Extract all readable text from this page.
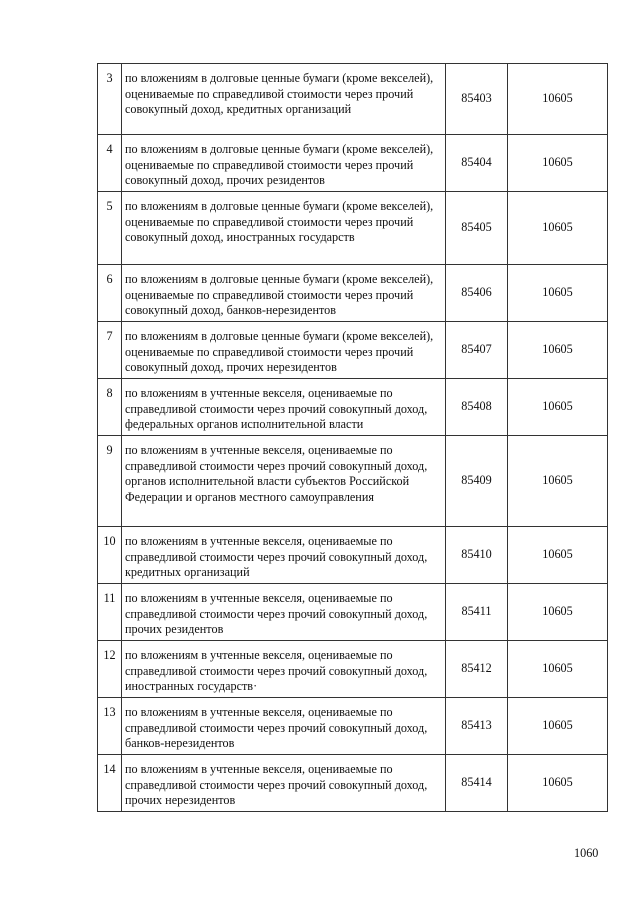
3	по вложениям в долговые ценные бумаги (кроме векселей), оцениваемые по справедливой стоимости через прочий совокупный доход, кредитных организаций	85403	10605
4	по вложениям в долговые ценные бумаги (кроме векселей), оцениваемые по справедливой стоимости через прочий совокупный доход, прочих резидентов	85404	10605
5	по вложениям в долговые ценные бумаги (кроме векселей), оцениваемые по справедливой стоимости через прочий совокупный доход, иностранных государств	85405	10605
6	по вложениям в долговые ценные бумаги (кроме векселей), оцениваемые по справедливой стоимости через прочий совокупный доход, банков-нерезидентов	85406	10605
7	по вложениям в долговые ценные бумаги (кроме векселей), оцениваемые по справедливой стоимости через прочий совокупный доход, прочих нерезидентов	85407	10605
8	по вложениям в учтенные векселя, оцениваемые по справедливой стоимости через прочий совокупный доход, федеральных органов исполнительной власти	85408	10605
9	по вложениям в учтенные векселя, оцениваемые по справедливой стоимости через прочий совокупный доход, органов исполнительной власти субъектов Российской Федерации и органов местного самоуправления	85409	10605
10	по вложениям в учтенные векселя, оцениваемые по справедливой стоимости через прочий совокупный доход, кредитных организаций	85410	10605
11	по вложениям в учтенные векселя, оцениваемые по справедливой стоимости через прочий совокупный доход, прочих резидентов	85411	10605
12	по вложениям в учтенные векселя, оцениваемые по справедливой стоимости через прочий совокупный доход, иностранных государств·	85412	10605
13	по вложениям в учтенные векселя, оцениваемые по справедливой стоимости через прочий совокупный доход, банков-нерезидентов	85413	10605
14	по вложениям в учтенные векселя, оцениваемые по справедливой стоимости через прочий совокупный доход, прочих нерезидентов	85414	10605
1060
